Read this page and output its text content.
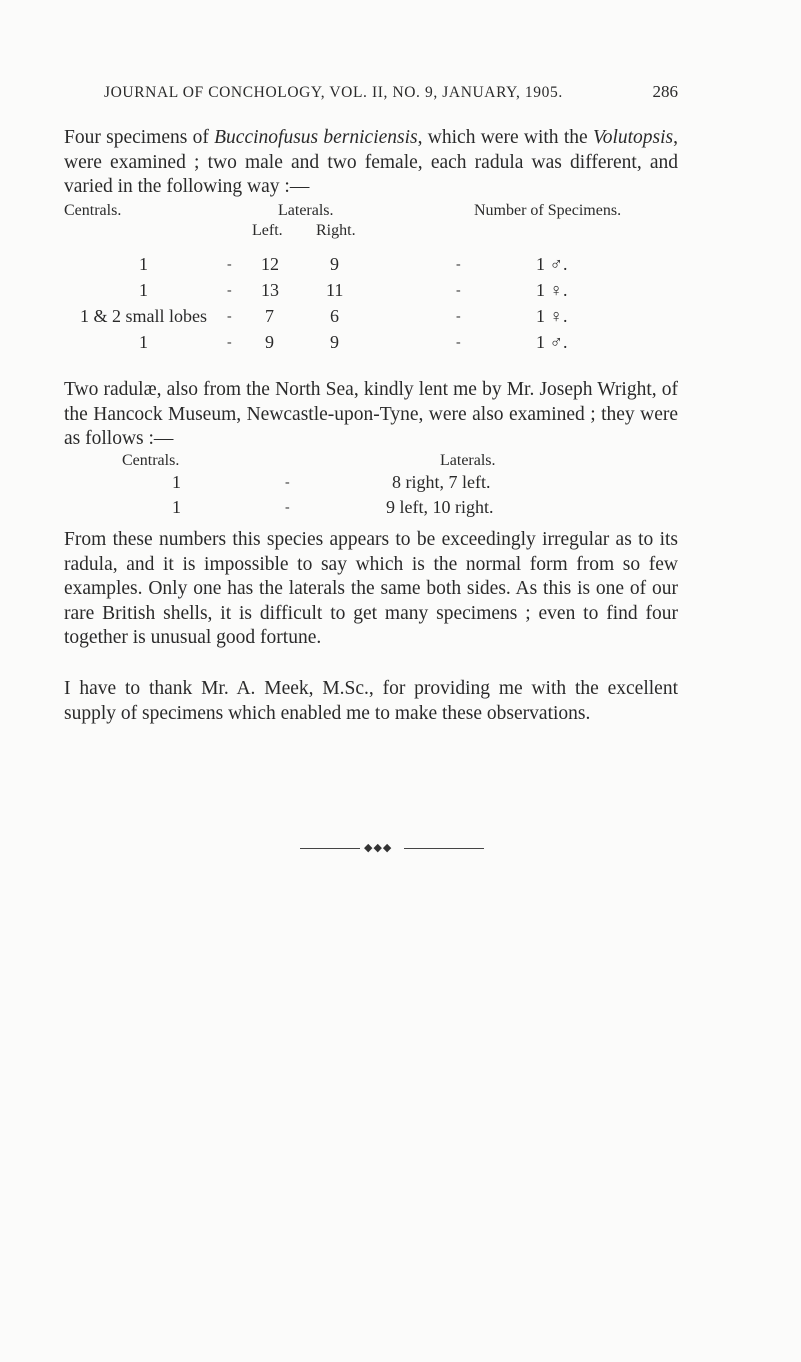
JOURNAL OF CONCHOLOGY, VOL. II, NO. 9, JANUARY, 1905.	286

Four specimens of Buccinofusus berniciensis, which were with the Volutopsis, were examined ; two male and two female, each radula was different, and varied in the following way :—

Centrals.	Laterals.	Number of Specimens.
Left. Right.
1	- 12	9	-	1 ♂.
1	- 13	11	-	1 ♀.
1 & 2 small lobes - 7	6	-	1 ♀.
1	- 9	9	-	1 ♂.

Two radulæ, also from the North Sea, kindly lent me by Mr. Joseph Wright, of the Hancock Museum, Newcastle-upon-Tyne, were also examined ; they were as follows :—

Centrals.	Laterals.
1	-	8 right, 7 left.
1	-	9 left, 10 right.

From these numbers this species appears to be exceedingly irregular as to its radula, and it is impossible to say which is the normal form from so few examples. Only one has the laterals the same both sides. As this is one of our rare British shells, it is difficult to get many specimens ; even to find four together is unusual good fortune.

I have to thank Mr. A. Meek, M.Sc., for providing me with the excellent supply of specimens which enabled me to make these observations.

◆◆◆
